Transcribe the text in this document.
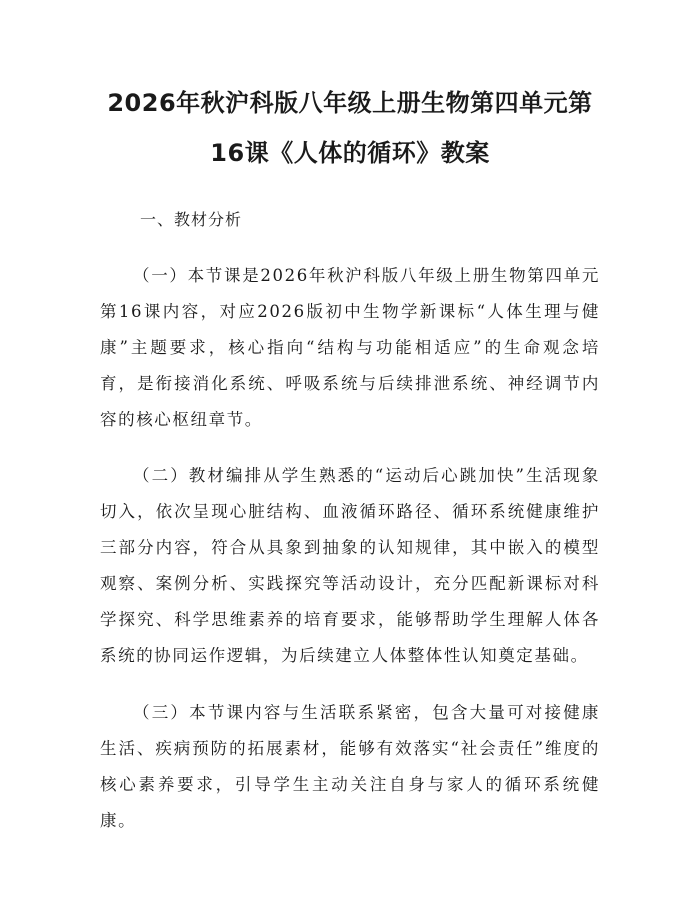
2026年秋沪科版八年级上册生物第四单元第
16课《人体的循环》教案
一、教材分析

（一）本节课是2026年秋沪科版八年级上册生物第四单元第16课内容，对应2026版初中生物学新课标“人体生理与健康”主题要求，核心指向“结构与功能相适应”的生命观念培育，是衔接消化系统、呼吸系统与后续排泄系统、神经调节内容的核心枢纽章节。

（二）教材编排从学生熟悉的“运动后心跳加快”生活现象切入，依次呈现心脏结构、血液循环路径、循环系统健康维护三部分内容，符合从具象到抽象的认知规律，其中嵌入的模型观察、案例分析、实践探究等活动设计，充分匹配新课标对科学探究、科学思维素养的培育要求，能够帮助学生理解人体各系统的协同运作逻辑，为后续建立人体整体性认知奠定基础。

（三）本节课内容与生活联系紧密，包含大量可对接健康生活、疾病预防的拓展素材，能够有效落实“社会责任”维度的核心素养要求，引导学生主动关注自身与家人的循环系统健康。
